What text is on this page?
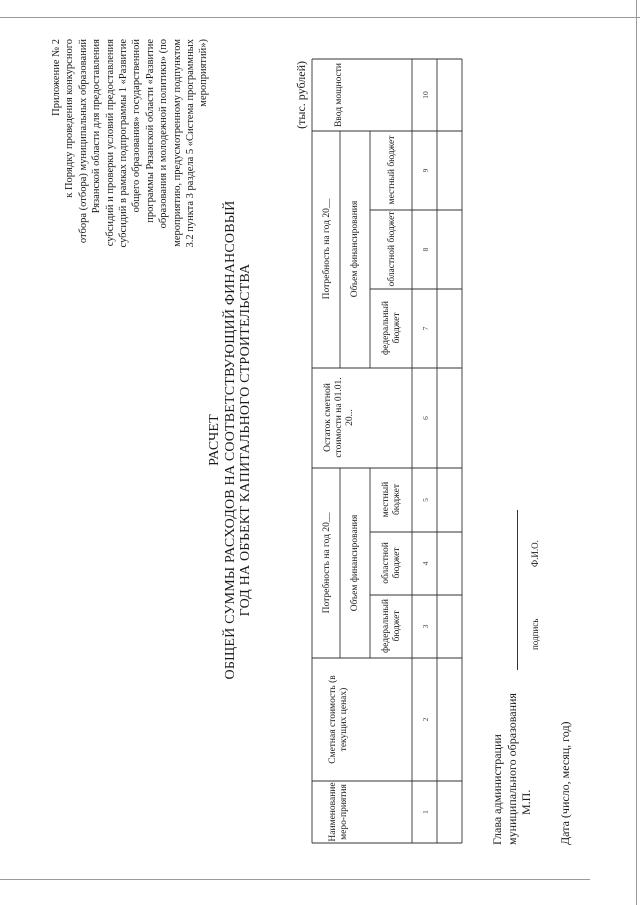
Приложение № 2 к Порядку проведения конкурсного отбора (отбора) муниципальных образований Рязанской области для предоставления субсидий и проверки условий предоставления субсидий в рамках подпрограммы 1 «Развитие общего образования» государственной программы Рязанской области «Развитие образования и молодежной политики» (по мероприятию, предусмотренному подпунктом 3.2 пункта 3 раздела 5 «Система программных мероприятий»)
РАСЧЕТ ОБЩЕЙ СУММЫ РАСХОДОВ НА СООТВЕТСТВУЮЩИЙ ФИНАНСОВЫЙ ГОД НА ОБЪЕКТ КАПИТАЛЬНОГО СТРОИТЕЛЬСТВА
(тыс. рублей)
Наименование меро-приятия
Сметная стоимость (в текущих ценах)
Потребность на год 20__	Объем финансирования
федеральный бюджет
областной бюджет
местный бюджет
Остаток сметной стоимости на 01.01. 20...
Потребность на год 20__	Объем финансирования
федеральный бюджет
областной бюджет
местный бюджет
Ввод мощности
1
2
3
4
5
6
7
8
9
10
Глава администрации муниципального образования М.П.
подпись
Ф.И.О.
Дата (число, месяц, год)
